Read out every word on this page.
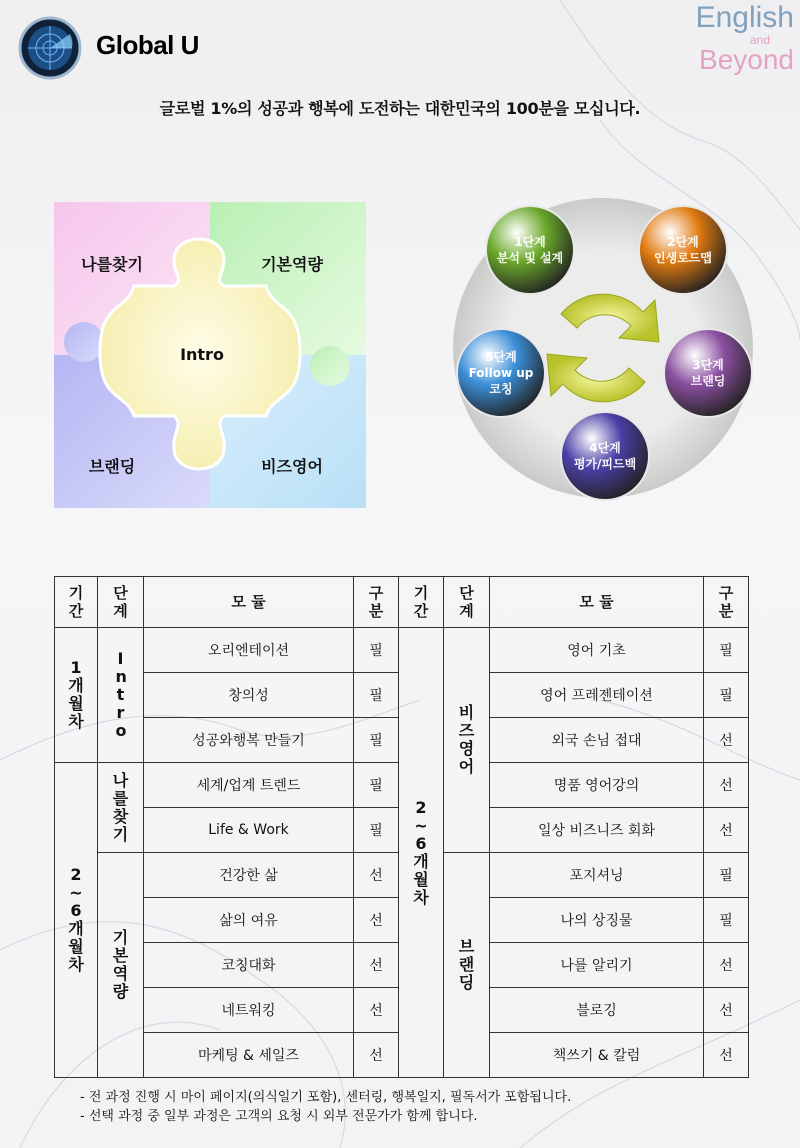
Global U
English
and
Beyond
글로벌 1%의 성공과 행복에 도전하는 대한민국의 100분을 모십니다.
나를찾기	기본역량
Intro
브랜딩	비즈영어
1단계
분석 및 설계
2단계
인생로드맵
3단계
브랜딩
4단계
평가/피드백
5단계
Follow up
코칭
기간	단계	모 듈	구분	기간	단계	모 듈	구분

1개월차	Intro	오리엔테이션	필	2~6개월차	비즈영어	영어 기초	필
		창의성	필			영어 프레젠테이션	필
		성공와행복 만들기	필			외국 손님 접대	선

2~6개월차	나를찾기	세계/업계 트렌드	필			명품 영어강의	선
		Life & Work	필			일상 비즈니즈 회화	선

	기본역량	건강한 삶	선		브랜딩	포지셔닝	필
		삶의 여유	선			나의 상징물	필
		코칭대화	선			나를 알리기	선
		네트워킹	선			블로깅	선
		마케팅 & 세일즈	선			책쓰기 & 칼럼	선
- 전 과정 진행 시 마이 페이지(의식일기 포함), 센터링, 행복일지, 필독서가 포함됩니다.
- 선택 과정 중 일부 과정은 고객의 요청 시 외부 전문가가 함께 합니다.
